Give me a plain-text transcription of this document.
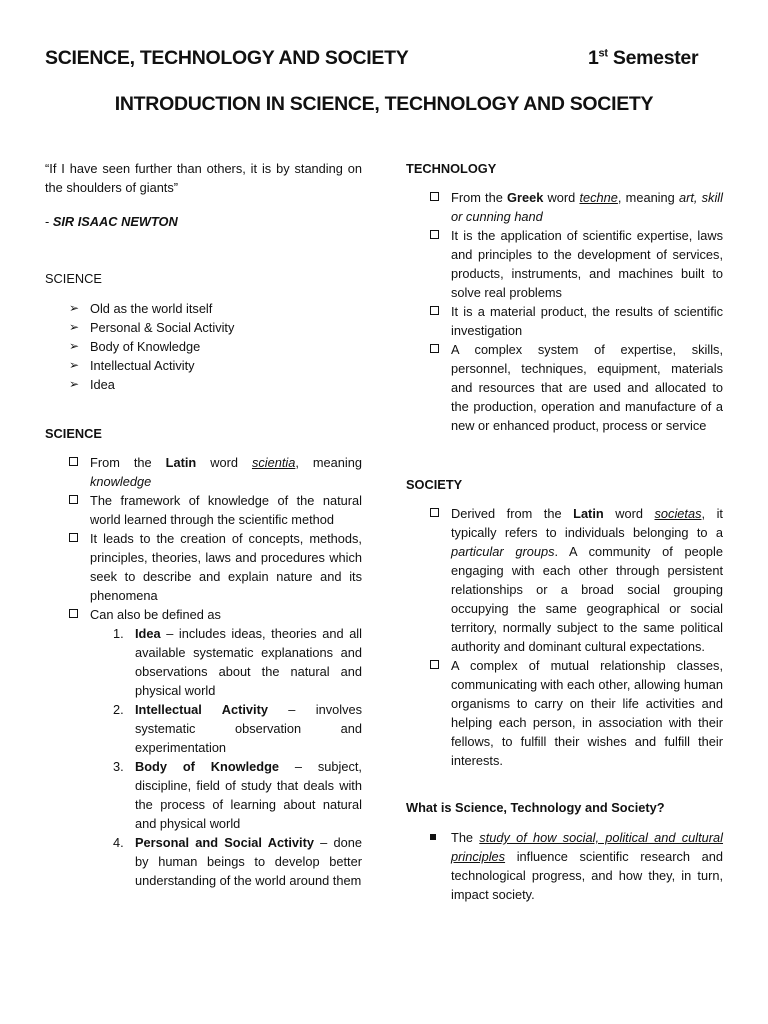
SCIENCE, TECHNOLOGY AND SOCIETY	1st Semester
INTRODUCTION IN SCIENCE, TECHNOLOGY AND SOCIETY
“If I have seen further than others, it is by standing on the shoulders of giants”
- SIR ISAAC NEWTON
SCIENCE
➢ Old as the world itself
➢ Personal & Social Activity
➢ Body of Knowledge
➢ Intellectual Activity
➢ Idea
SCIENCE
From the Latin word scientia, meaning knowledge
The framework of knowledge of the natural world learned through the scientific method
It leads to the creation of concepts, methods, principles, theories, laws and procedures which seek to describe and explain nature and its phenomena
Can also be defined as
1. Idea – includes ideas, theories and all available systematic explanations and observations about the natural and physical world
2. Intellectual Activity – involves systematic observation and experimentation
3. Body of Knowledge – subject, discipline, field of study that deals with the process of learning about natural and physical world
4. Personal and Social Activity – done by human beings to develop better understanding of the world around them
TECHNOLOGY
From the Greek word techne, meaning art, skill or cunning hand
It is the application of scientific expertise, laws and principles to the development of services, products, instruments, and machines built to solve real problems
It is a material product, the results of scientific investigation
A complex system of expertise, skills, personnel, techniques, equipment, materials and resources that are used and allocated to the production, operation and manufacture of a new or enhanced product, process or service
SOCIETY
Derived from the Latin word societas, it typically refers to individuals belonging to a particular groups. A community of people engaging with each other through persistent relationships or a broad social grouping occupying the same geographical or social territory, normally subject to the same political authority and dominant cultural expectations.
A complex of mutual relationship classes, communicating with each other, allowing human organisms to carry on their life activities and helping each person, in association with their fellows, to fulfill their wishes and fulfill their interests.
What is Science, Technology and Society?
The study of how social, political and cultural principles influence scientific research and technological progress, and how they, in turn, impact society.
